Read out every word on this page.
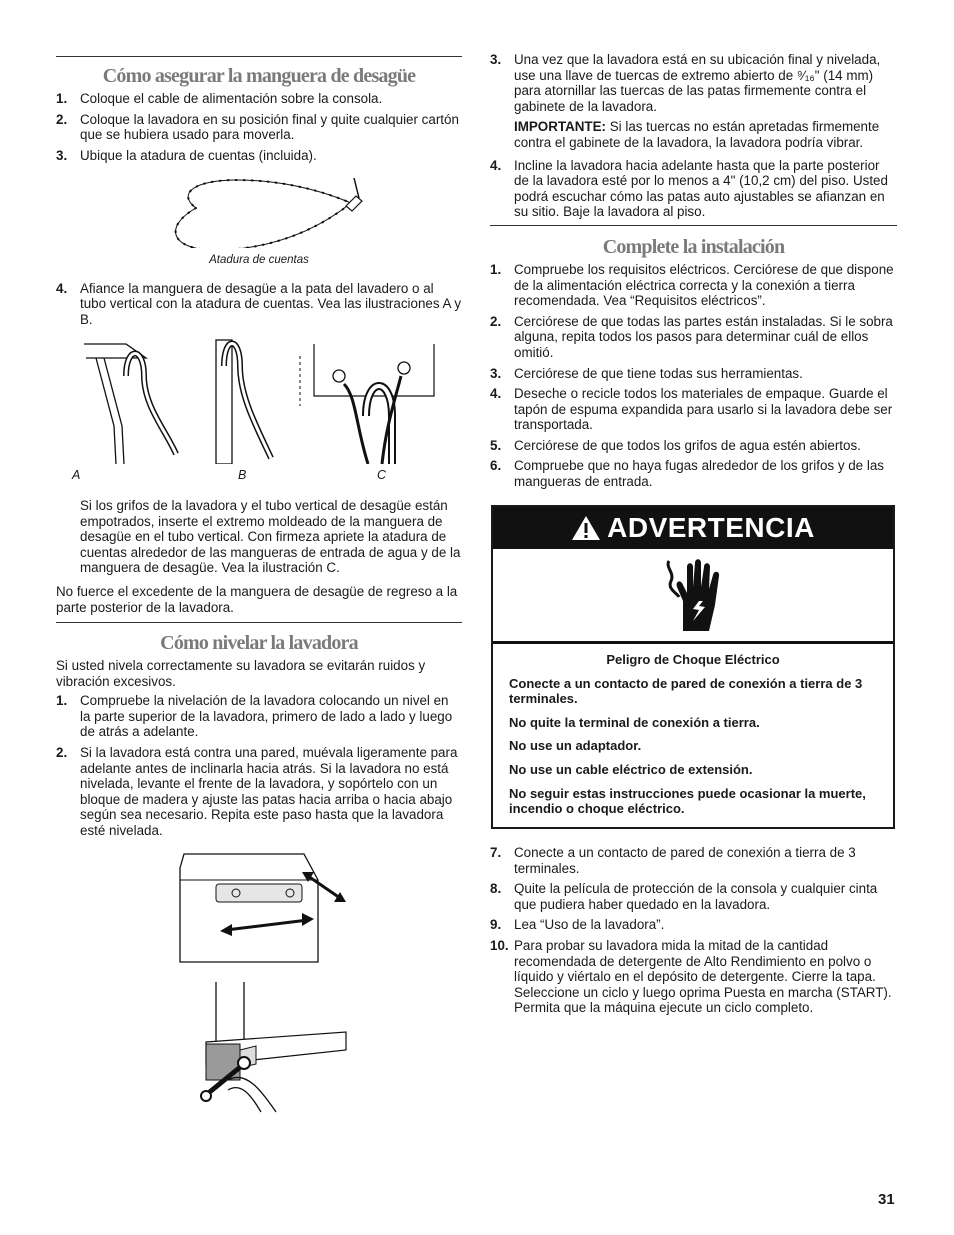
Cómo asegurar la manguera de desagüe
1. Coloque el cable de alimentación sobre la consola.
2. Coloque la lavadora en su posición final y quite cualquier cartón que se hubiera usado para moverla.
3. Ubique la atadura de cuentas (incluida).

Atadura de cuentas

4. Afiance la manguera de desagüe a la pata del lavadero o al tubo vertical con la atadura de cuentas. Vea las ilustraciones A y B.
A	B	C

Si los grifos de la lavadora y el tubo vertical de desagüe están empotrados, inserte el extremo moldeado de la manguera de desagüe en el tubo vertical. Con firmeza apriete la atadura de cuentas alrededor de las mangueras de entrada de agua y de la manguera de desagüe. Vea la ilustración C.

No fuerce el excedente de la manguera de desagüe de regreso a la parte posterior de la lavadora.

Cómo nivelar la lavadora

Si usted nivela correctamente su lavadora se evitarán ruidos y vibración excesivos.

1. Compruebe la nivelación de la lavadora colocando un nivel en la parte superior de la lavadora, primero de lado a lado y luego de atrás a adelante.
2. Si la lavadora está contra una pared, muévala ligeramente para adelante antes de inclinarla hacia atrás. Si la lavadora no está nivelada, levante el frente de la lavadora, y sopórtelo con un bloque de madera y ajuste las patas hacia arriba o hacia abajo según sea necesario. Repita este paso hasta que la lavadora esté nivelada.
3. Una vez que la lavadora está en su ubicación final y nivelada, use una llave de tuercas de extremo abierto de ⁹⁄₁₆" (14 mm) para atornillar las tuercas de las patas firmemente contra el gabinete de la lavadora.

IMPORTANTE: Si las tuercas no están apretadas firmemente contra el gabinete de la lavadora, la lavadora podría vibrar.

4. Incline la lavadora hacia adelante hasta que la parte posterior de la lavadora esté por lo menos a 4" (10,2 cm) del piso. Usted podrá escuchar cómo las patas auto ajustables se afianzan en su sitio. Baje la lavadora al piso.
Complete la instalación
1. Compruebe los requisitos eléctricos. Cerciórese de que dispone de la alimentación eléctrica correcta y la conexión a tierra recomendada. Vea “Requisitos eléctricos”.
2. Cerciórese de que todas las partes están instaladas. Si le sobra alguna, repita todos los pasos para determinar cuál de ellos omitió.
3. Cerciórese de que tiene todas sus herramientas.
4. Deseche o recicle todos los materiales de empaque. Guarde el tapón de espuma expandida para usarlo si la lavadora debe ser transportada.
5. Cerciórese de que todos los grifos de agua estén abiertos.
6. Compruebe que no haya fugas alrededor de los grifos y de las mangueras de entrada.
ADVERTENCIA

Peligro de Choque Eléctrico

Conecte a un contacto de pared de conexión a tierra de 3 terminales.

No quite la terminal de conexión a tierra.

No use un adaptador.

No use un cable eléctrico de extensión.

No seguir estas instrucciones puede ocasionar la muerte, incendio o choque eléctrico.

7. Conecte a un contacto de pared de conexión a tierra de 3 terminales.
8. Quite la película de protección de la consola y cualquier cinta que pudiera haber quedado en la lavadora.
9. Lea “Uso de la lavadora”.
10. Para probar su lavadora mida la mitad de la cantidad recomendada de detergente de Alto Rendimiento en polvo o líquido y viértalo en el depósito de detergente. Cierre la tapa. Seleccione un ciclo y luego oprima Puesta en marcha (START). Permita que la máquina ejecute un ciclo completo.
31
